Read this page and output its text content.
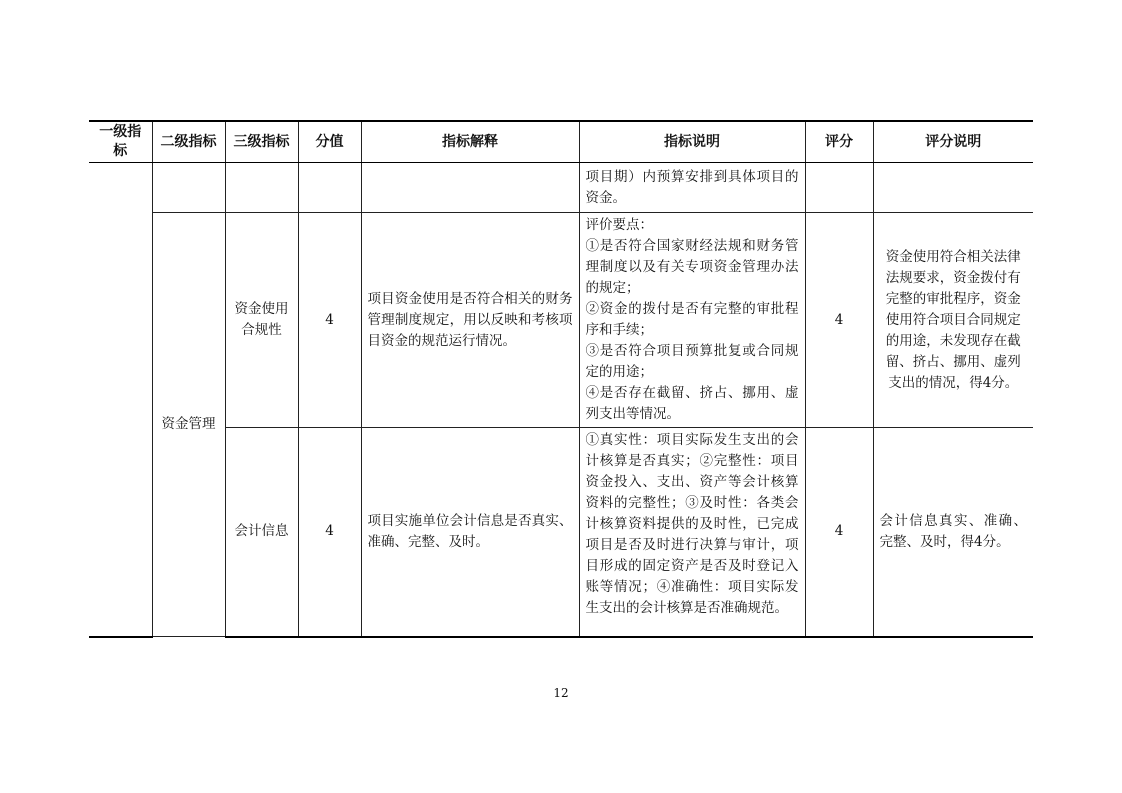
一级指标	二级指标	三级指标	分值	指标解释	指标说明	评分	评分说明
					项目期）内预算安排到具体项目的资金。		
	资金管理	资金使用合规性	4	项目资金使用是否符合相关的财务管理制度规定，用以反映和考核项目资金的规范运行情况。	评价要点：
①是否符合国家财经法规和财务管理制度以及有关专项资金管理办法的规定；
②资金的拨付是否有完整的审批程序和手续；
③是否符合项目预算批复或合同规定的用途；
④是否存在截留、挤占、挪用、虚列支出等情况。	4	资金使用符合相关法律法规要求，资金拨付有完整的审批程序，资金使用符合项目合同规定的用途，未发现存在截留、挤占、挪用、虚列支出的情况，得4分。
		会计信息	4	项目实施单位会计信息是否真实、准确、完整、及时。	①真实性：项目实际发生支出的会计核算是否真实；②完整性：项目资金投入、支出、资产等会计核算资料的完整性；③及时性：各类会计核算资料提供的及时性，已完成项目是否及时进行决算与审计，项目形成的固定资产是否及时登记入账等情况；④准确性：项目实际发生支出的会计核算是否准确规范。	4	会计信息真实、准确、完整、及时，得4分。
12
